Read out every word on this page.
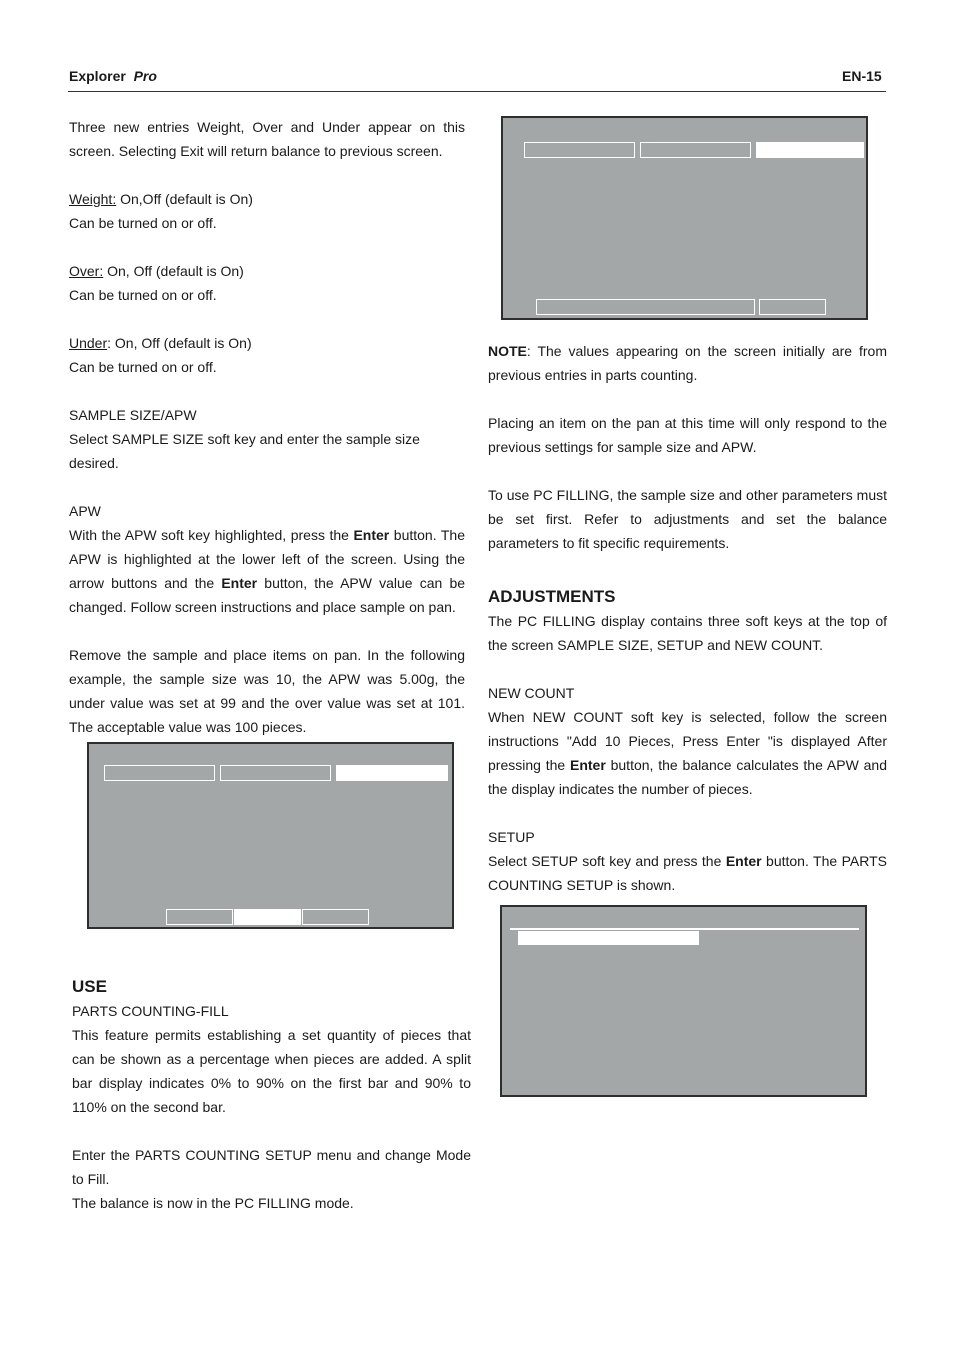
Explorer Pro	EN-15

Three new entries Weight, Over and Under appear on this screen. Selecting Exit will return balance to previous screen.

Weight: On,Off (default is On)

Can be turned on or off.

Over: On, Off (default is On)

Can be turned on or off.

Under: On, Off (default is On)

Can be turned on or off.

SAMPLE SIZE/APW

Select SAMPLE SIZE soft key and enter the sample size desired.

APW

With the APW soft key highlighted, press the Enter button. The APW is highlighted at the lower left of the screen. Using the arrow buttons and the Enter button, the APW value can be changed. Follow screen instructions and place sample on pan.

Remove the sample and place items on pan. In the following example, the sample size was 10, the APW was 5.00g, the under value was set at 99 and the over value was set at 101. The acceptable value was 100 pieces.

USE

PARTS COUNTING-FILL

This feature permits establishing a set quantity of pieces that can be shown as a percentage when pieces are added. A split bar display indicates 0% to 90% on the first bar and 90% to 110% on the second bar.

Enter the PARTS COUNTING SETUP menu and change Mode to Fill.

The balance is now in the PC FILLING mode.

NOTE: The values appearing on the screen initially are from previous entries in parts counting.

Placing an item on the pan at this time will only respond to the previous settings for sample size and APW.

To use PC FILLING, the sample size and other parameters must be set first. Refer to adjustments and set the balance parameters to fit specific requirements.

ADJUSTMENTS

The PC FILLING display contains three soft keys at the top of the screen SAMPLE SIZE, SETUP and NEW COUNT.

NEW COUNT

When NEW COUNT soft key is selected, follow the screen instructions "Add 10 Pieces, Press Enter "is displayed After pressing the Enter button, the balance calculates the APW and the display indicates the number of pieces.

SETUP

Select SETUP soft key and press the Enter button. The PARTS COUNTING SETUP is shown.
